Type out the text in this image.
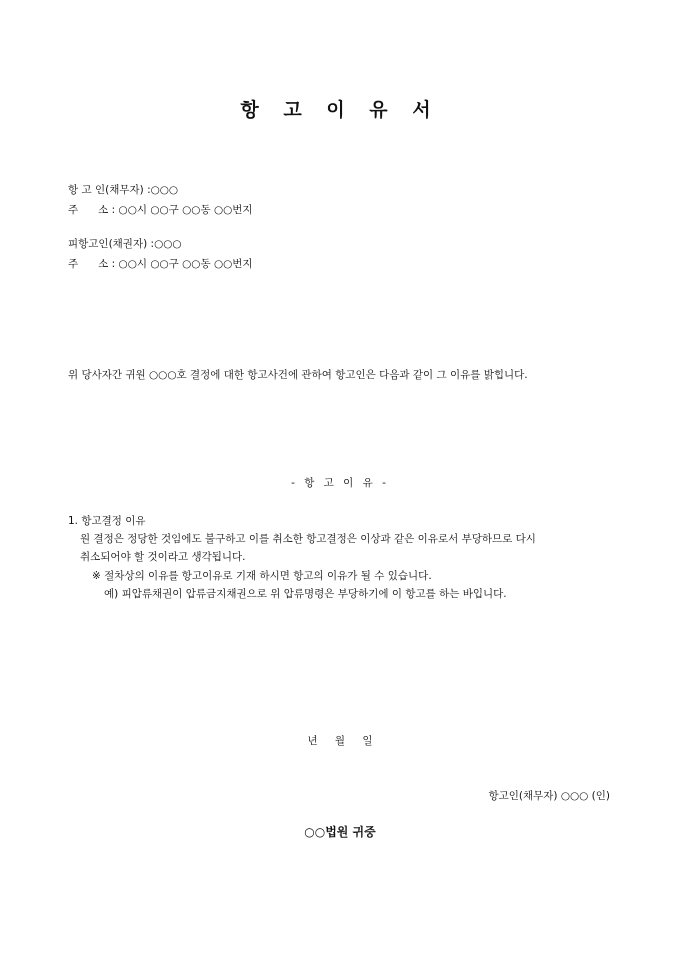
항 고 이 유 서
항 고 인(채무자) :○○○
주      소 : ○○시 ○○구 ○○동 ○○번지
피항고인(채권자) :○○○
주      소 : ○○시 ○○구 ○○동 ○○번지
위 당사자간 귀원 ○○○호 결정에 대한 항고사건에 관하여 항고인은 다음과 같이 그 이유를 밝힙니다.
- 항 고 이 유 -
1. 항고결정 이유
원 결정은 정당한 것임에도 불구하고 이를 취소한 항고결정은 이상과 같은 이유로서 부당하므로 다시
취소되어야 할 것이라고 생각됩니다.
※ 절차상의 이유를 항고이유로 기재 하시면 항고의 이유가 될 수 있습니다.
예) 피압류채권이 압류금지채권으로 위 압류명령은 부당하기에 이 항고를 하는 바입니다.
년 월 일
항고인(채무자) ○○○ (인)
○○법원 귀중
